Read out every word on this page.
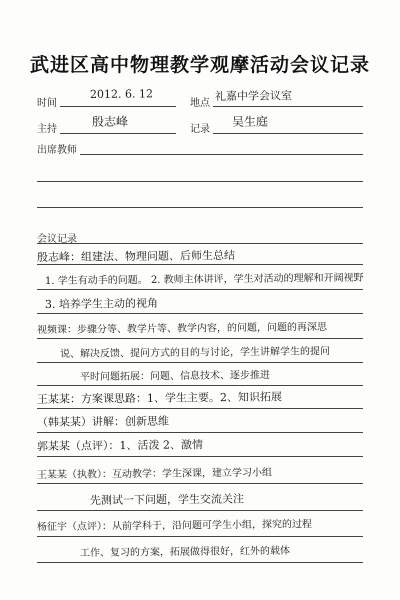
武进区高中物理教学观摩活动会议记录
时间
2012. 6. 12
地点
礼嘉中学会议室
主持
殷志峰
记录
吴生庭
出席教师
会议记录
殷志峰：组建法、物理问题、后师生总结
1. 学生有动手的问题。 2. 教师主体讲评，学生对活动的理解和开阔视野
3. 培养学生主动的视角
视频课：步骤分等、教学片等、教学内容，的问题，问题的再深思
说、解决反馈、提问方式的目的与讨论，学生讲解学生的提问
平时问题拓展：问题、信息技术、逐步推进
王某某：方案课思路：1、学生主要。2、知识拓展
（韩某某）讲解：创新思维
郭某某（点评）：1、活泼 2、激情
王某某（执教）：互动教学：学生深课，建立学习小组
先测试一下问题，学生交流关注
杨征宇（点评）：从前学科于，沿问题可学生小组，探究的过程
工作、复习的方案，拓展做得很好，红外的载体
